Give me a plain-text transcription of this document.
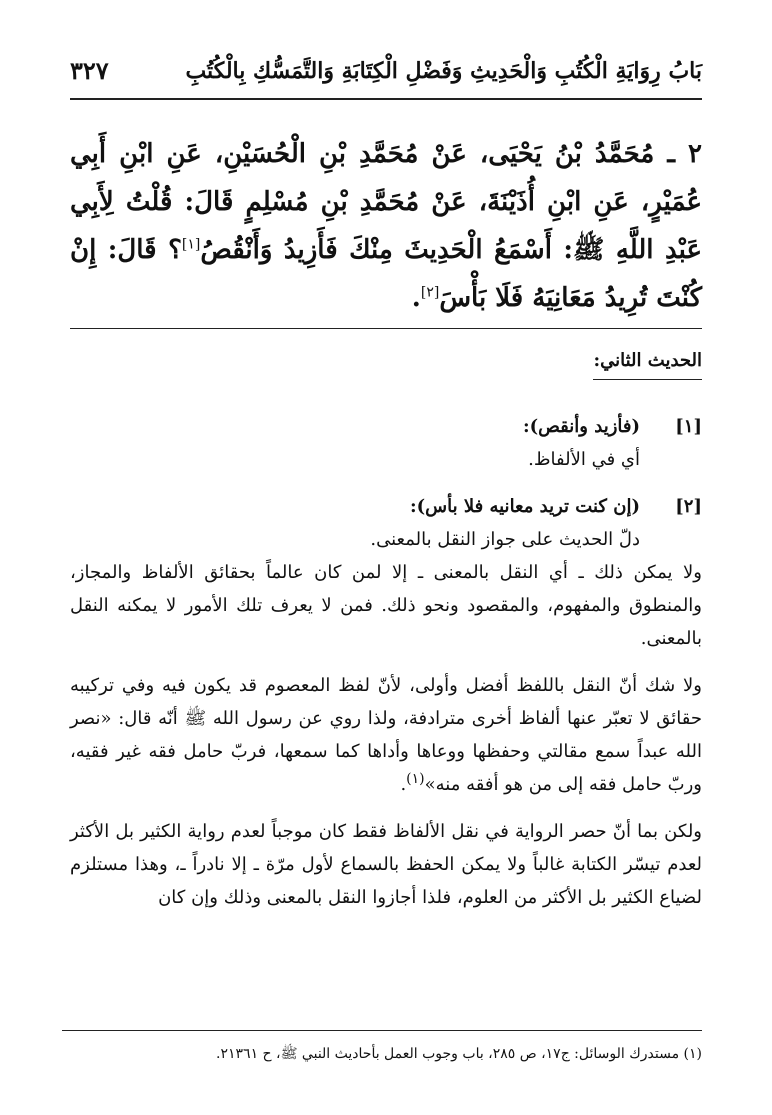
بَابُ رِوَايَةِ الْكُتُبِ وَالْحَدِيثِ وَفَضْلِ الْكِتَابَةِ وَالتَّمَسُّكِ بِالْكُتُبِ
٣٢٧

٢ ـ مُحَمَّدُ بْنُ يَحْيَى، عَنْ مُحَمَّدِ بْنِ الْحُسَيْنِ، عَنِ ابْنِ أَبِي عُمَيْرٍ، عَنِ ابْنِ أُذَيْنَةَ، عَنْ مُحَمَّدِ بْنِ مُسْلِمٍ قَالَ: قُلْتُ لِأَبِي عَبْدِ اللَّهِ ﷺ: أَسْمَعُ الْحَدِيثَ مِنْكَ فَأَزِيدُ وَأَنْقُصُ[١]؟ قَالَ: إِنْ كُنْتَ تُرِيدُ مَعَانِيَهُ فَلَا بَأْسَ[٢].

الحديث الثاني:
[١]

(فأزيد وأنقص):

أي في الألفاظ.

[٢]

(إن كنت تريد معانيه فلا بأس):

دلّ الحديث على جواز النقل بالمعنى.

ولا يمكن ذلك ـ أي النقل بالمعنى ـ إلا لمن كان عالماً بحقائق الألفاظ والمجاز، والمنطوق والمفهوم، والمقصود ونحو ذلك. فمن لا يعرف تلك الأمور لا يمكنه النقل بالمعنى.

ولا شك أنّ النقل باللفظ أفضل وأولى، لأنّ لفظ المعصوم قد يكون فيه وفي تركيبه حقائق لا تعبّر عنها ألفاظ أخرى مترادفة، ولذا روي عن رسول الله ﷺ أنّه قال: «نصر الله عبداً سمع مقالتي وحفظها ووعاها وأداها كما سمعها، فربّ حامل فقه غير فقيه، وربّ حامل فقه إلى من هو أفقه منه»$^{(١)}$.

ولكن بما أنّ حصر الرواية في نقل الألفاظ فقط كان موجباً لعدم رواية الكثير بل الأكثر لعدم تيسّر الكتابة غالباً ولا يمكن الحفظ بالسماع لأول مرّة ـ إلا نادراً ـ، وهذا مستلزم لضياع الكثير بل الأكثر من العلوم، فلذا أجازوا النقل بالمعنى وذلك وإن كان

(١) مستدرك الوسائل: ج١٧، ص ٢٨٥، باب وجوب العمل بأحاديث النبي ﷺ، ح ٢١٣٦١.
